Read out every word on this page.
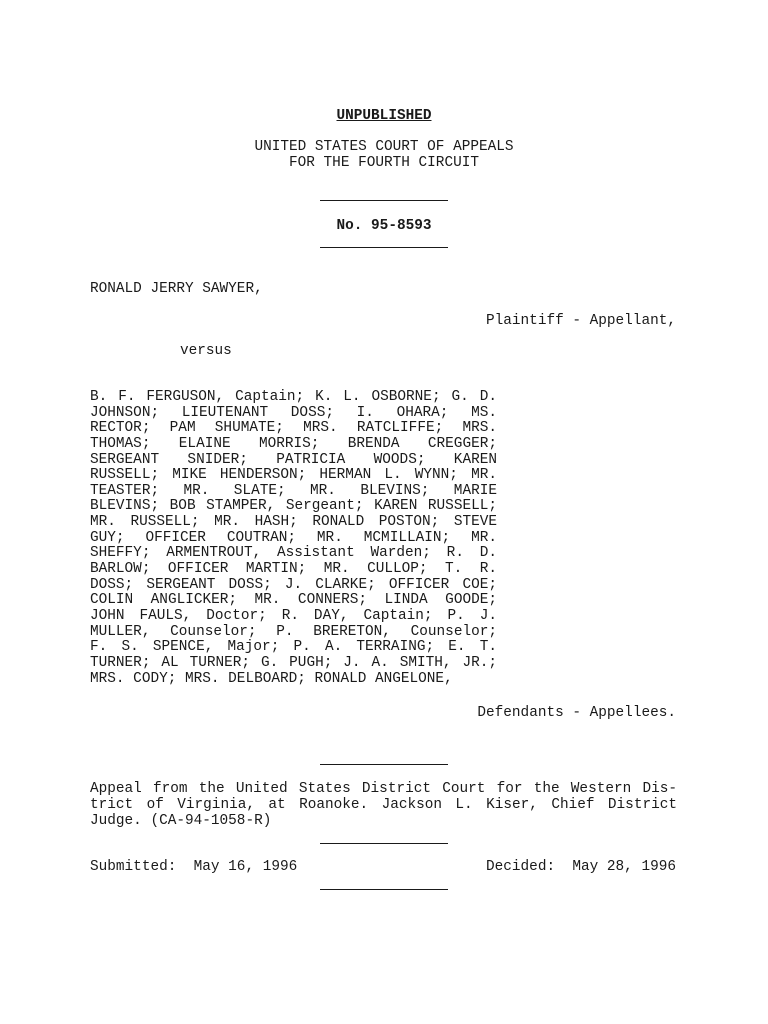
UNPUBLISHED
UNITED STATES COURT OF APPEALS
FOR THE FOURTH CIRCUIT
No. 95-8593
RONALD JERRY SAWYER,
Plaintiff - Appellant,
versus
B. F. FERGUSON, Captain; K. L. OSBORNE; G. D.
JOHNSON; LIEUTENANT DOSS; I. OHARA; MS.
RECTOR; PAM SHUMATE; MRS. RATCLIFFE; MRS.
THOMAS; ELAINE MORRIS; BRENDA CREGGER;
SERGEANT SNIDER; PATRICIA WOODS; KAREN
RUSSELL; MIKE HENDERSON; HERMAN L. WYNN; MR.
TEASTER; MR. SLATE; MR. BLEVINS; MARIE
BLEVINS; BOB STAMPER, Sergeant; KAREN RUSSELL;
MR. RUSSELL; MR. HASH; RONALD POSTON; STEVE
GUY; OFFICER COUTRAN; MR. MCMILLAIN; MR.
SHEFFY; ARMENTROUT, Assistant Warden; R. D.
BARLOW; OFFICER MARTIN; MR. CULLOP; T. R.
DOSS; SERGEANT DOSS; J. CLARKE; OFFICER COE;
COLIN ANGLICKER; MR. CONNERS; LINDA GOODE;
JOHN FAULS, Doctor; R. DAY, Captain; P. J.
MULLER, Counselor; P. BRERETON, Counselor;
F. S. SPENCE, Major; P. A. TERRAING; E. T.
TURNER; AL TURNER; G. PUGH; J. A. SMITH, JR.;
MRS. CODY; MRS. DELBOARD; RONALD ANGELONE,
Defendants - Appellees.
Appeal from the United States District Court for the Western Dis-
trict of Virginia, at Roanoke. Jackson L. Kiser, Chief District
Judge. (CA-94-1058-R)
Submitted:  May 16, 1996	Decided:  May 28, 1996
